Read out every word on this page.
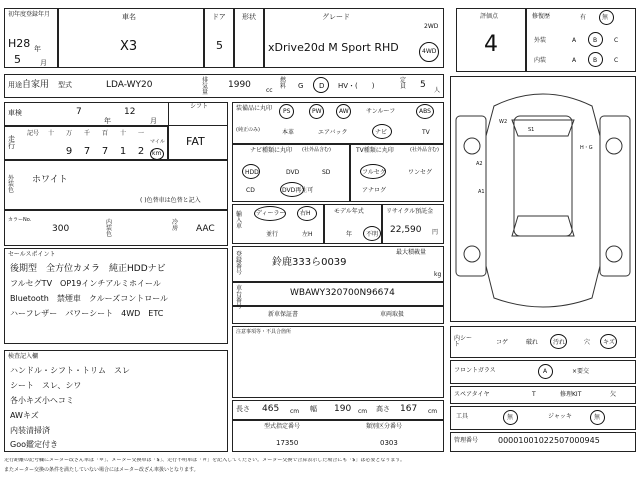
初年度登録年月
H28 年
5	月
車名
X3
ドア
5
形状	グレード
xDrive20d M Sport RHD
2WD
4WD
用途 自家用 型式	LDA-WY20	排気量
1990
cc
燃料 G D HV・(　　)
定員 5
人
車検	7
年
12
月
シフト
FAT
走行
記号	十	万	千	百	十	一
9	7	7	1	2
マイル
km
外装色
ホワイト
( )色替車は色替と記入
カラーNo.
300
内装色
冷房 AAC
セールスポイント
後期型　全方位カメラ　純正HDDナビ
フルセグTV　OP19インチアルミホイール
Bluetooth　禁煙車　クルーズコントロール
ハーフレザー　パワーシート　4WD　ETC
検査記入欄
ハンドル・シフト・トリム　スレ
シート　スレ、シワ
各小キズ小ヘコミ
AWキズ
内装清掃済
Goo鑑定付き
装備品に丸印
(純正のみ)
PS	PW	AW	サンルーフ	ABS
本革	エアバック	ナビ	TV
ナビ種類に丸印 (社外品含む)
HDD	DVD	SD
CD	DVD再生可
TV種類に丸印	(社外品含む)
フルセグ	ワンセグ
アナログ
輸入車
ディーラー 右H
並行	左H
モデル年式
年 不明
リサイクル預託金
22,590 円
登録番号
鈴鹿333ら0039
最大積載量
kg
車台番号
WBAWY320700N96674
新車保証書	車両取扱
注意事項等・不具合箇所
長さ 465 cm 幅 190 cm 高さ 167 cm
型式指定番号
17350
類別区分番号
0303
評価点
4
修復歴	有	無
外装	A	B	C
内装	A	B	C
W2
S1
A2
A1
H・G
内シート	コゲ	破れ 汚れ	穴 キズ
フロントガラス	A	×要交
スペアタイヤ	T	修理KIT	欠
工具	無	ジャッキ	無
管理番号 0000100102250700​0945
走行距離の記号欄にメーター改ざん車は「＊」、メーター交換車は「$」、走行不明車は「＃」を記入してください。メーター交換で合算表示した場合にも「$」は必要となります。
またメーター交換の条件を満たしていない場合にはメーター改ざん車扱いとなります。
